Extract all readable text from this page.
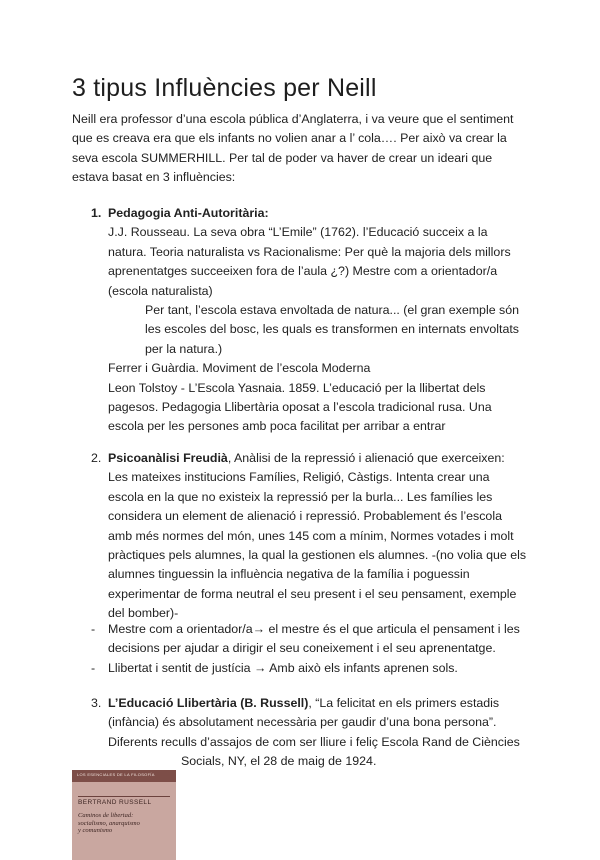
3 tipus Influències per Neill

Neill era professor d’una escola pública d’Anglaterra, i va veure que el sentiment que es creava era que els infants no volien anar a l’ cola…. Per això va crear la seva escola SUMMERHILL. Per tal de poder va haver de crear un ideari que estava basat en 3 influències:

1. Pedagogia Anti-Autoritària:

J.J. Rousseau. La seva obra “L’Emile” (1762). l’Educació succeix a la natura. Teoria naturalista vs Racionalisme: Per què la majoria dels millors aprenentatges succeeixen fora de l’aula ¿?) Mestre com a orientador/a (escola naturalista)

Per tant, l’escola estava envoltada de natura... (el gran exemple són les escoles del bosc, les quals es transformen en internats envoltats per la natura.)

Ferrer i Guàrdia. Moviment de l’escola Moderna

Leon Tolstoy - L’Escola Yasnaia. 1859. L’educació per la llibertat dels pagesos. Pedagogia Llibertària oposat a l’escola tradicional rusa. Una escola per les persones amb poca facilitat per arribar a entrar

2. Psicoanàlisi Freudià, Anàlisi de la repressió i alienació que exerceixen: Les mateixes institucions Famílies, Religió, Càstigs. Intenta crear una escola en la que no existeix la repressió per la burla... Les famílies les considera un element de alienació i repressió. Probablement és l’escola amb més normes del món, unes 145 com a mínim, Normes votades i molt pràctiques pels alumnes, la qual la gestionen els alumnes. -(no volia que els alumnes tinguessin la influència negativa de la família i poguessin experimentar de forma neutral el seu present i el seu pensament, exemple del bomber)-

- Mestre com a orientador/a→ el mestre és el que articula el pensament i les decisions per ajudar a dirigir el seu coneixement i el seu aprenentatge.

- Llibertat i sentit de justícia → Amb això els infants aprenen sols.

3. L’Educació Llibertària (B. Russell), “La felicitat en els primers estadis (infància) és absolutament necessària per gaudir d’una bona persona”. Diferents reculls d’assajos de com ser lliure i feliç Escola Rand de Ciències

Socials, NY, el 28 de maig de 1924.

LOS ESENCIALES DE LA FILOSOFÍA
BERTRAND RUSSELL
Caminos de libertad:
socialismo, anarquismo
y comunismo
